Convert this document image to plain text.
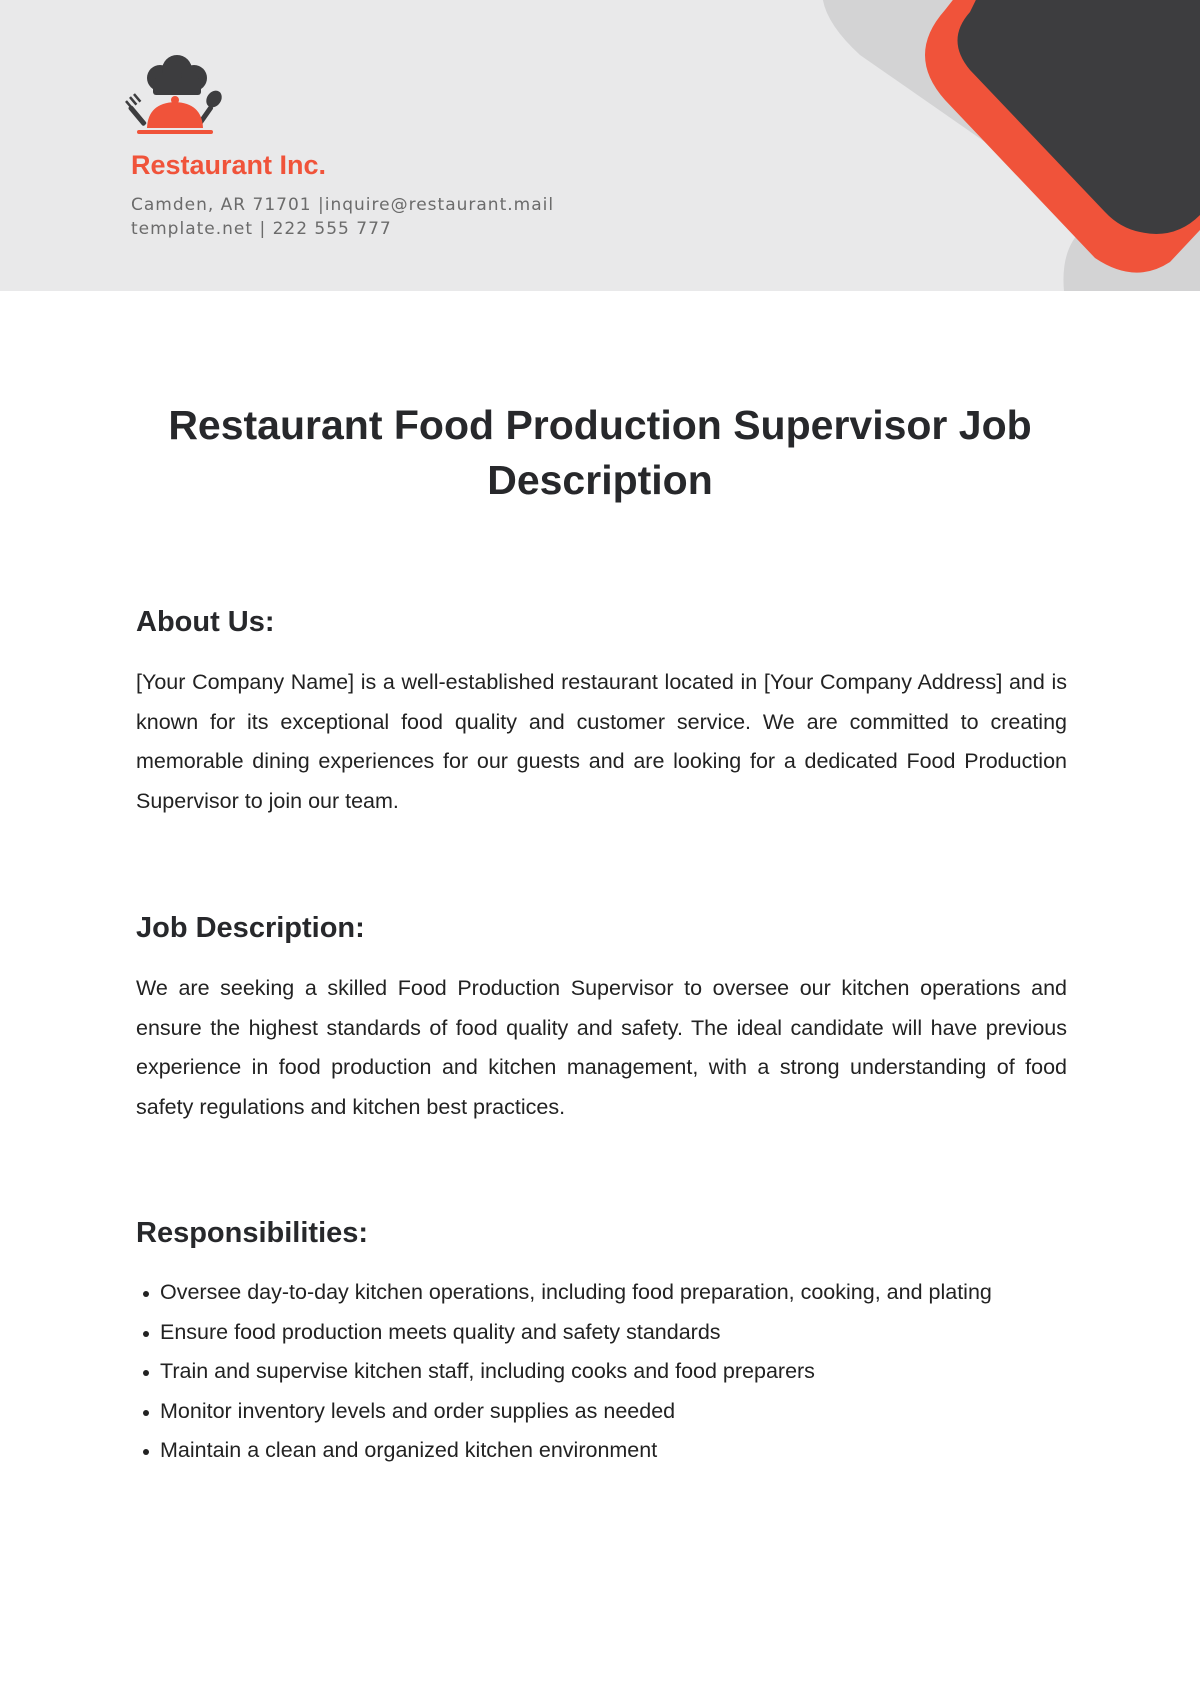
Restaurant Inc.
Camden, AR 71701 |inquire@restaurant.mail
template.net | 222 555 777
Restaurant Food Production Supervisor Job Description
About Us:

[Your Company Name] is a well-established restaurant located in [Your Company Address] and is known for its exceptional food quality and customer service. We are committed to creating memorable dining experiences for our guests and are looking for a dedicated Food Production Supervisor to join our team.

Job Description:

We are seeking a skilled Food Production Supervisor to oversee our kitchen operations and ensure the highest standards of food quality and safety. The ideal candidate will have previous experience in food production and kitchen management, with a strong understanding of food safety regulations and kitchen best practices.

Responsibilities:
Oversee day-to-day kitchen operations, including food preparation, cooking, and plating
Ensure food production meets quality and safety standards
Train and supervise kitchen staff, including cooks and food preparers
Monitor inventory levels and order supplies as needed
Maintain a clean and organized kitchen environment
